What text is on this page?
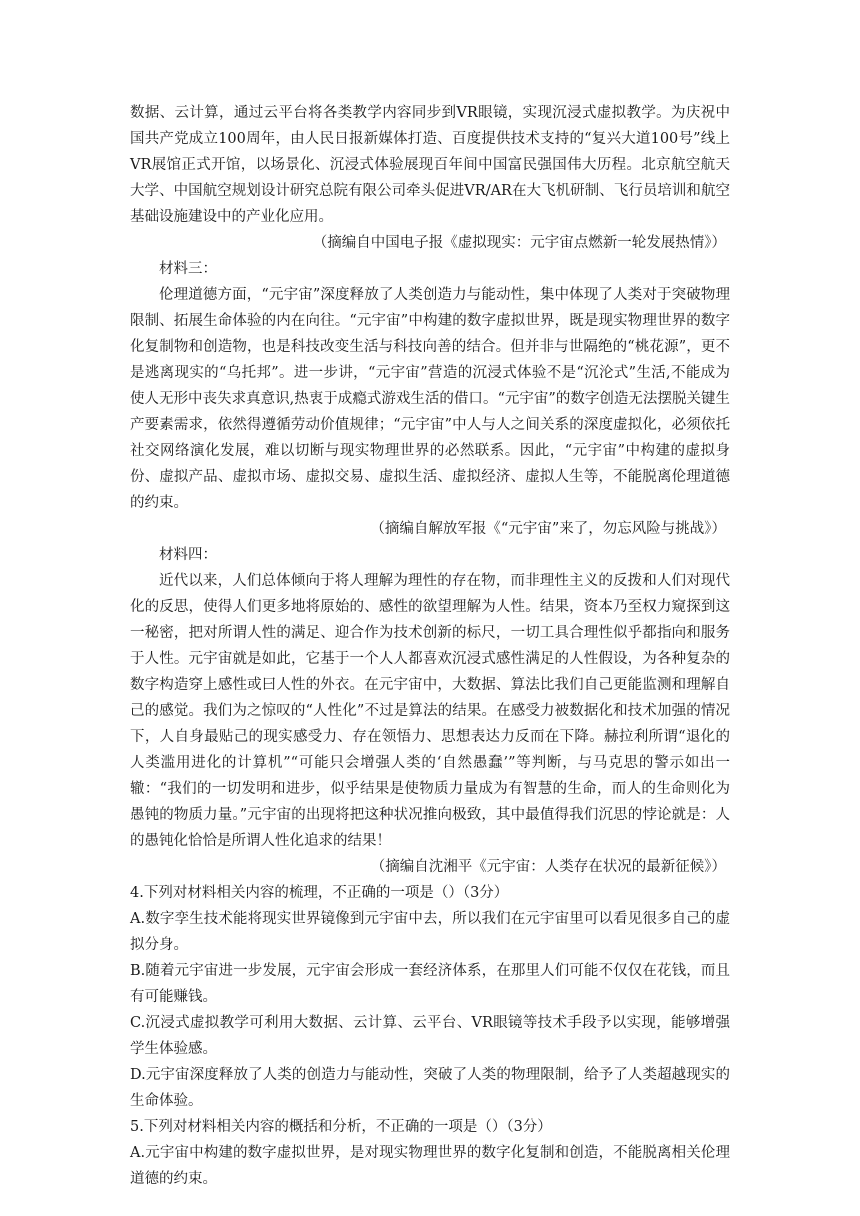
数据、云计算，通过云平台将各类教学内容同步到VR眼镜，实现沉浸式虚拟教学。为庆祝中国共产党成立100周年，由人民日报新媒体打造、百度提供技术支持的“复兴大道100号”线上VR展馆正式开馆，以场景化、沉浸式体验展现百年间中国富民强国伟大历程。北京航空航天大学、中国航空规划设计研究总院有限公司牵头促进VR/AR在大飞机研制、飞行员培训和航空基础设施建设中的产业化应用。

（摘编自中国电子报《虚拟现实：元宇宙点燃新一轮发展热情》）

材料三：

伦理道德方面，“元宇宙”深度释放了人类创造力与能动性，集中体现了人类对于突破物理限制、拓展生命体验的内在向往。“元宇宙”中构建的数字虚拟世界，既是现实物理世界的数字化复制物和创造物，也是科技改变生活与科技向善的结合。但并非与世隔绝的“桃花源”，更不是逃离现实的“乌托邦”。进一步讲，“元宇宙”营造的沉浸式体验不是“沉沦式”生活,不能成为使人无形中丧失求真意识,热衷于成瘾式游戏生活的借口。“元宇宙”的数字创造无法摆脱关键生产要素需求，依然得遵循劳动价值规律；“元宇宙”中人与人之间关系的深度虚拟化，必须依托社交网络演化发展，难以切断与现实物理世界的必然联系。因此，“元宇宙”中构建的虚拟身份、虚拟产品、虚拟市场、虚拟交易、虚拟生活、虚拟经济、虚拟人生等，不能脱离伦理道德的约束。

（摘编自解放军报《“元宇宙”来了，勿忘风险与挑战》）

材料四：

近代以来，人们总体倾向于将人理解为理性的存在物，而非理性主义的反拨和人们对现代化的反思，使得人们更多地将原始的、感性的欲望理解为人性。结果，资本乃至权力窥探到这一秘密，把对所谓人性的满足、迎合作为技术创新的标尺，一切工具合理性似乎都指向和服务于人性。元宇宙就是如此，它基于一个人人都喜欢沉浸式感性满足的人性假设，为各种复杂的数字构造穿上感性或曰人性的外衣。在元宇宙中，大数据、算法比我们自己更能监测和理解自己的感觉。我们为之惊叹的“人性化”不过是算法的结果。在感受力被数据化和技术加强的情况下，人自身最贴己的现实感受力、存在领悟力、思想表达力反而在下降。赫拉利所谓“退化的人类滥用进化的计算机”“可能只会增强人类的‘自然愚蠢’”等判断，与马克思的警示如出一辙：“我们的一切发明和进步，似乎结果是使物质力量成为有智慧的生命，而人的生命则化为愚钝的物质力量。”元宇宙的出现将把这种状况推向极致，其中最值得我们沉思的悖论就是：人的愚钝化恰恰是所谓人性化追求的结果！

（摘编自沈湘平《元宇宙：人类存在状况的最新征候》）

4.下列对材料相关内容的梳理，不正确的一项是（）（3分）

A.数字孪生技术能将现实世界镜像到元宇宙中去，所以我们在元宇宙里可以看见很多自己的虚拟分身。

B.随着元宇宙进一步发展，元宇宙会形成一套经济体系，在那里人们可能不仅仅在花钱，而且有可能赚钱。

C.沉浸式虚拟教学可利用大数据、云计算、云平台、VR眼镜等技术手段予以实现，能够增强学生体验感。

D.元宇宙深度释放了人类的创造力与能动性，突破了人类的物理限制，给予了人类超越现实的生命体验。

5.下列对材料相关内容的概括和分析，不正确的一项是（）（3分）

A.元宇宙中构建的数字虚拟世界，是对现实物理世界的数字化复制和创造，不能脱离相关伦理道德的约束。
